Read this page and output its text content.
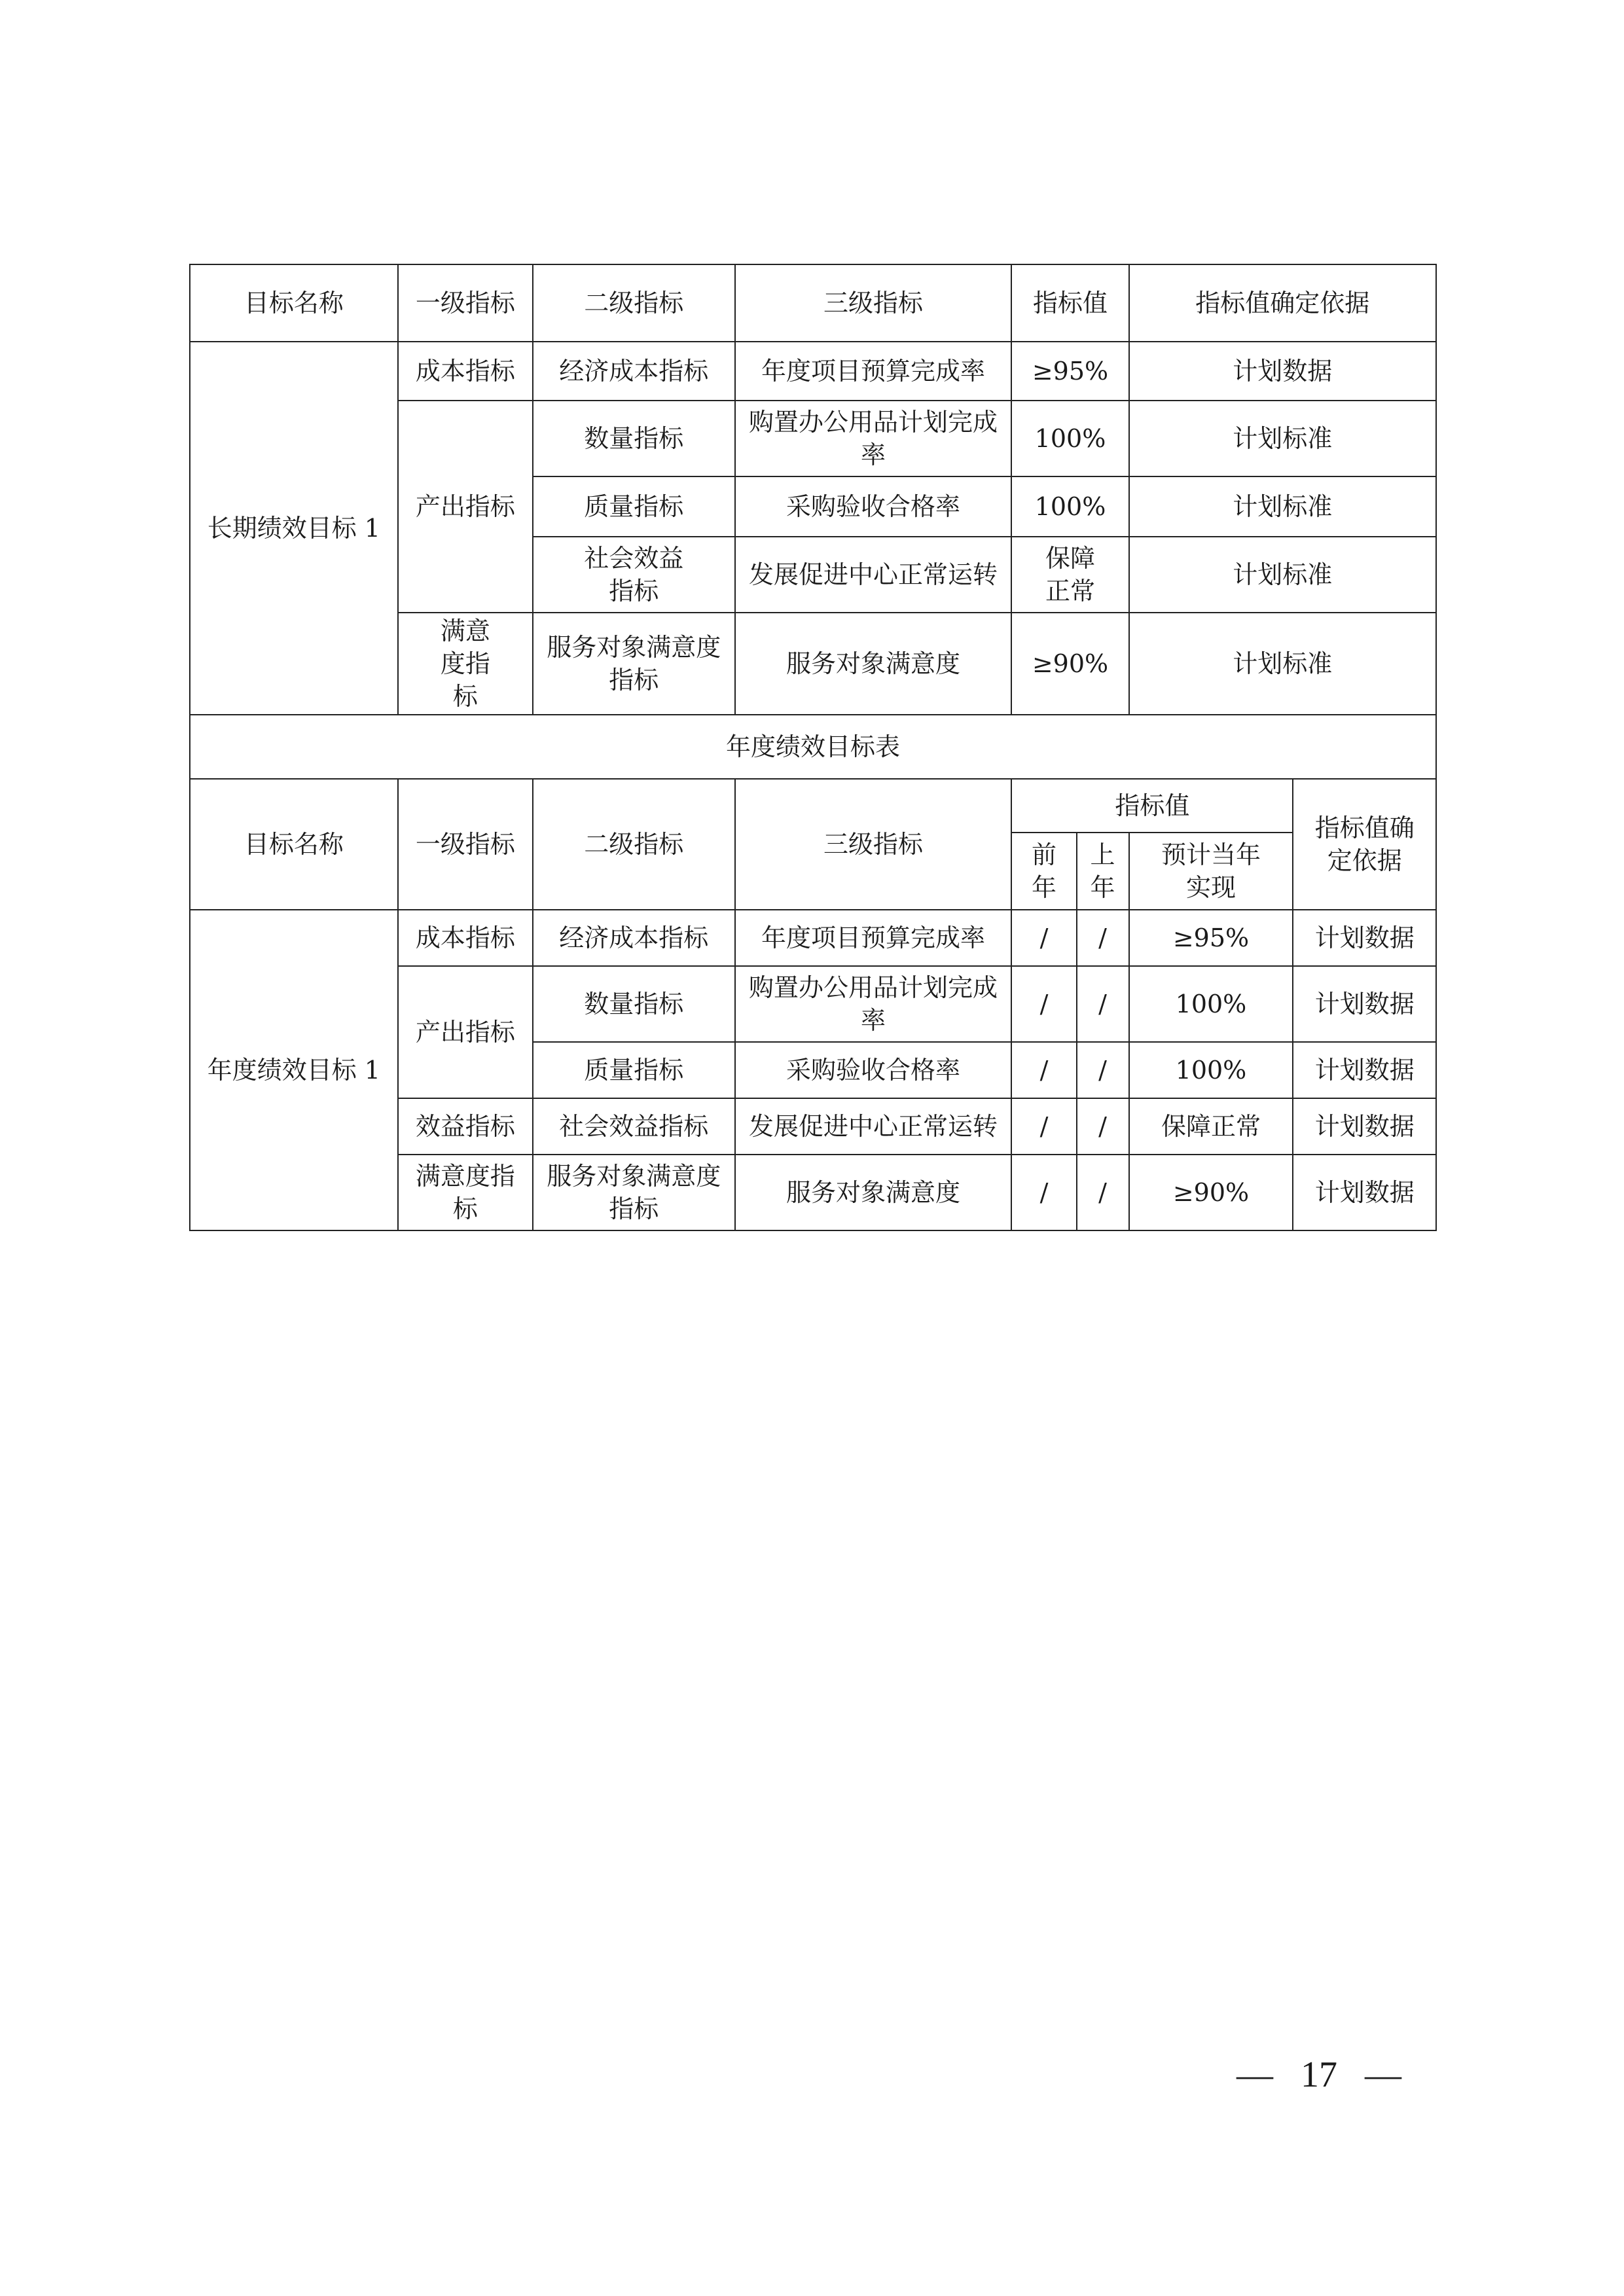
目标名称	一级指标	二级指标	三级指标	指标值		指标值确定依据	
长期绩效目标 1	成本指标	经济成本指标	年度项目预算完成率	≥95%		计划数据	
	产出指标	数量指标	购置办公用品计划完成率	100%		计划标准	
		质量指标	采购验收合格率	100%		计划标准	
		社会效益指标	发展促进中心正常运转	保障正常		计划标准	
	满意度指标	服务对象满意度指标	服务对象满意度	≥90%		计划标准	
年度绩效目标表							
目标名称	一级指标	二级指标	三级指标	指标值			指标值确定依据
				前年	上年	预计当年实现	
年度绩效目标 1	成本指标	经济成本指标	年度项目预算完成率	/	/	≥95%	计划数据
	产出指标	数量指标	购置办公用品计划完成率	/	/	100%	计划数据
		质量指标	采购验收合格率	/	/	100%	计划数据
	效益指标	社会效益指标	发展促进中心正常运转	/	/	保障正常	计划数据
	满意度指标	服务对象满意度指标	服务对象满意度	/	/	≥90%	计划数据
— 17 —
